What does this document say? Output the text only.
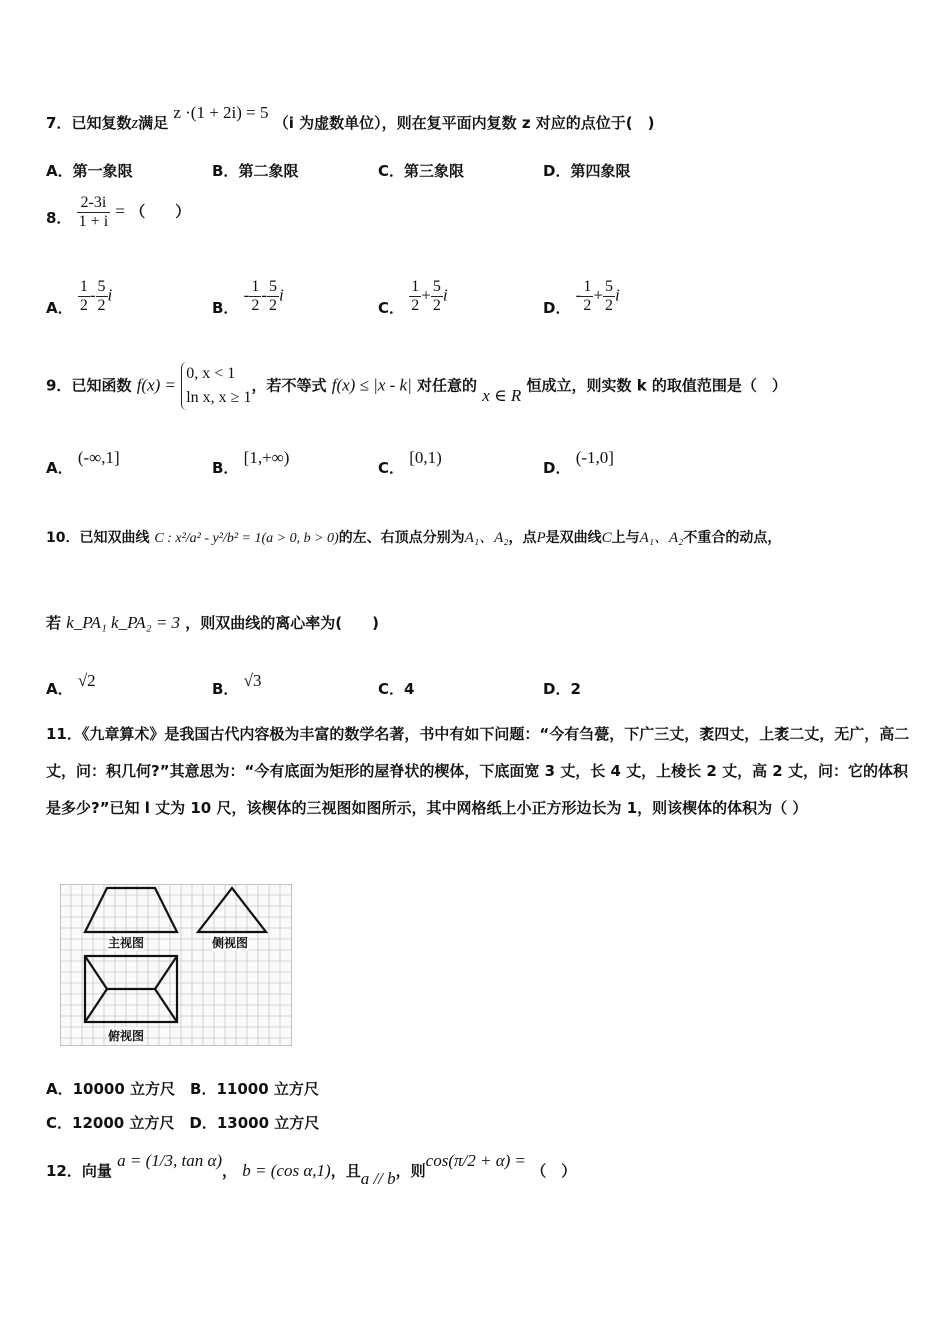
7．已知复数z满足 z ·(1 + 2i) = 5 （i 为虚数单位），则在复平面内复数 z 对应的点位于(　)
A．第一象限	B．第二象限	C．第三象限	D．第四象限
8． $\frac{2-3i}{1 + i}$ = （　　）
A． $\frac{1}{2} - \frac{5}{2}$ i
B． - $\frac{1}{2} - \frac{5}{2}$ i
C． $\frac{1}{2} + \frac{5}{2}$ i
D． - $\frac{1}{2} + \frac{5}{2}$ i
9．已知函数 f(x) =
0, x < 1
ln x, x ≥ 1
，若不等式 f(x) ≤ |x - k| 对任意的 x ∈ R 恒成立，则实数 k 的取值范围是（　）
A． (-∞,1]
B． [1,+∞)
C． [0,1)
D． (-1,0]
10．已知双曲线 C : x²/a² - y²/b² = 1(a > 0, b > 0)的左、右顶点分别为A₁、A₂，点P是双曲线C上与A₁、A₂不重合的动点，
若 k_PA₁ k_PA₂ = 3 ，则双曲线的离心率为(　　)
A． √2	B． √3	C．4	D．2
11．《九章算术》是我国古代内容极为丰富的数学名著，书中有如下问题：“今有刍甍，下广三丈，袤四丈，上袤二丈，无广，高二丈，问：积几何?”其意思为：“今有底面为矩形的屋脊状的楔体，下底面宽 3 丈，长 4 丈，上棱长 2 丈，高 2 丈，问：它的体积是多少?”已知 l 丈为 10 尺，该楔体的三视图如图所示，其中网格纸上小正方形边长为 1，则该楔体的体积为（ ）
主视图	侧视图
俯视图
A．10000 立方尺　B．11000 立方尺
C．12000 立方尺　D．13000 立方尺
12．向量 a = (1/3, tan α)， b = (cos α,1)，且a // b，则cos(π/2 + α) = （　）
